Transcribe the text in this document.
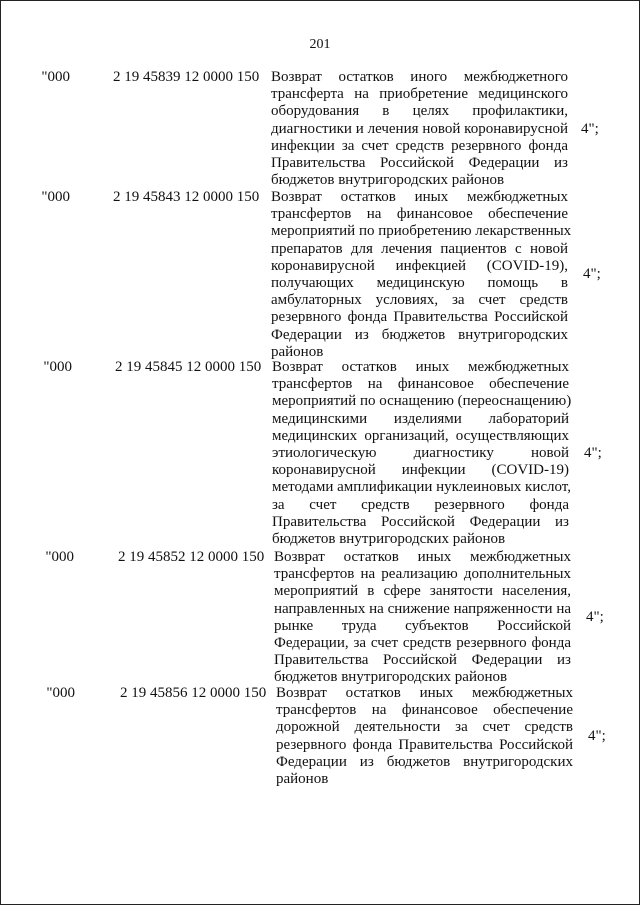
201
"000	2 19 45839 12 0000 150 Возврат остатков иного межбюджетного
трансферта на приобретение медицинского
оборудования в целях профилактики,
диагностики и лечения новой коронавирусной
инфекции за счет средств резервного фонда
Правительства Российской Федерации из
бюджетов внутригородских районов
4";
"000	2 19 45843 12 0000 150 Возврат остатков иных межбюджетных
трансфертов на финансовое обеспечение
мероприятий по приобретению лекарственных
препаратов для лечения пациентов с новой
коронавирусной инфекцией (COVID-19),
получающих медицинскую помощь в
амбулаторных условиях, за счет средств
резервного фонда Правительства Российской
Федерации из бюджетов внутригородских
районов
4";
"000	2 19 45845 12 0000 150 Возврат остатков иных межбюджетных
трансфертов на финансовое обеспечение
мероприятий по оснащению (переоснащению)
медицинскими изделиями лабораторий
медицинских организаций, осуществляющих
этиологическую диагностику новой
коронавирусной инфекции (COVID-19)
методами амплификации нуклеиновых кислот,
за счет средств резервного фонда
Правительства Российской Федерации из
бюджетов внутригородских районов
4";
"000	2 19 45852 12 0000 150 Возврат остатков иных межбюджетных
трансфертов на реализацию дополнительных
мероприятий в сфере занятости населения,
направленных на снижение напряженности на
рынке труда субъектов Российской
Федерации, за счет средств резервного фонда
Правительства Российской Федерации из
бюджетов внутригородских районов
4";
"000	2 19 45856 12 0000 150 Возврат остатков иных межбюджетных
трансфертов на финансовое обеспечение
дорожной деятельности за счет средств
резервного фонда Правительства Российской
Федерации из бюджетов внутригородских
районов
4";
